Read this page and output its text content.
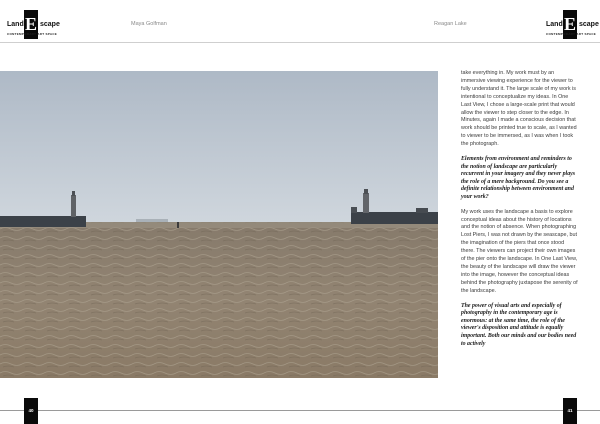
Land E scape
CONTEMPORARY ART SPACE
Maya Golfman	Reagan Lake	Land E scape
CONTEMPORARY ART SPACE

take everything in. My work must by an immersive viewing experience for the viewer to fully understand it. The large scale of my work is intentional to conceptualize my ideas. In One Last View, I chose a large-scale print that would allow the viewer to step closer to the edge. In Minutes, again I made a conscious decision that work should be printed true to scale, as I wanted to viewer to be immersed, as I was when I took the photograph.

Elements from environment and reminders to the notion of landscape are particularly recurrent in your imagery and they never plays the role of a mere background. Do you see a definite relationship between environment and your work?

My work uses the landscape a basis to explore conceptual ideas about the history of locations and the notion of absence. When photographing Lost Piers, I was not drawn by the seascape, but the imagination of the piers that once stood there. The viewers can project their own images of the pier onto the landscape. In One Last View, the beauty of the landscape will draw the viewer into the image, however the conceptual ideas behind the photography juxtapose the serenity of the landscape.

The power of visual arts and especially of photography in the contemporary age is enormous: at the same time, the role of the viewer's disposition and attitude is equally important. Both our minds and our bodies need to actively

40	41
